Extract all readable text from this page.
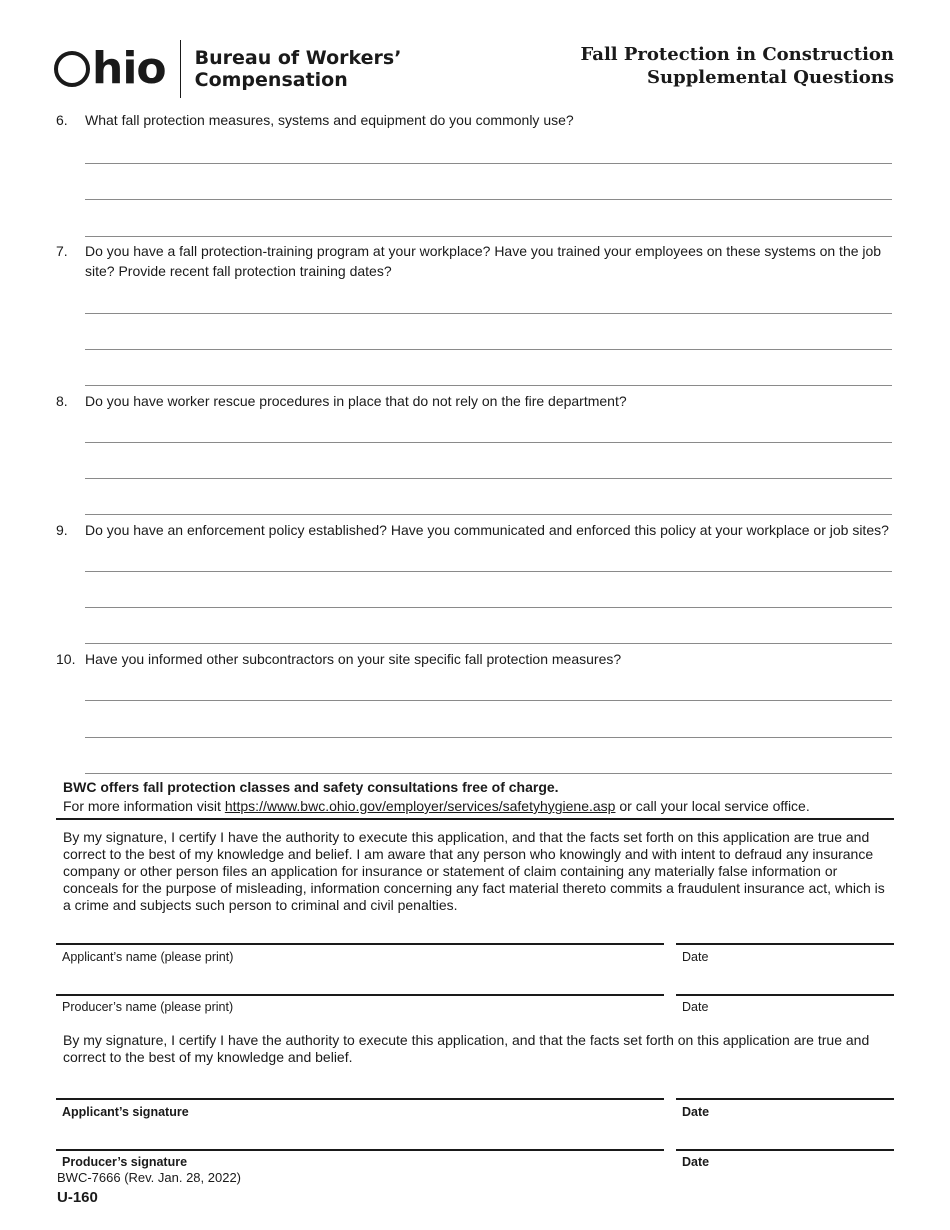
hio Bureau of Workers’
Compensation
Fall Protection in Construction
Supplemental Questions
6. What fall protection measures, systems and equipment do you commonly use?
7. Do you have a fall protection-training program at your workplace? Have you trained your employees on these systems on the job site? Provide recent fall protection training dates?
8. Do you have worker rescue procedures in place that do not rely on the fire department?
9. Do you have an enforcement policy established? Have you communicated and enforced this policy at your workplace or job sites?
10. Have you informed other subcontractors on your site specific fall protection measures?
BWC offers fall protection classes and safety consultations free of charge.
For more information visit https://www.bwc.ohio.gov/employer/services/safetyhygiene.asp or call your local service office.
By my signature, I certify I have the authority to execute this application, and that the facts set forth on this application are true and correct to the best of my knowledge and belief. I am aware that any person who knowingly and with intent to defraud any insurance company or other person files an application for insurance or statement of claim containing any materially false information or conceals for the purpose of misleading, information concerning any fact material thereto commits a fraudulent insurance act, which is a crime and subjects such person to criminal and civil penalties.
Applicant’s name (please print)	Date
Producer’s name (please print)	Date
By my signature, I certify I have the authority to execute this application, and that the facts set forth on this application are true and correct to the best of my knowledge and belief.
Applicant’s signature	Date
Producer’s signature	Date
BWC-7666 (Rev. Jan. 28, 2022)
U-160
